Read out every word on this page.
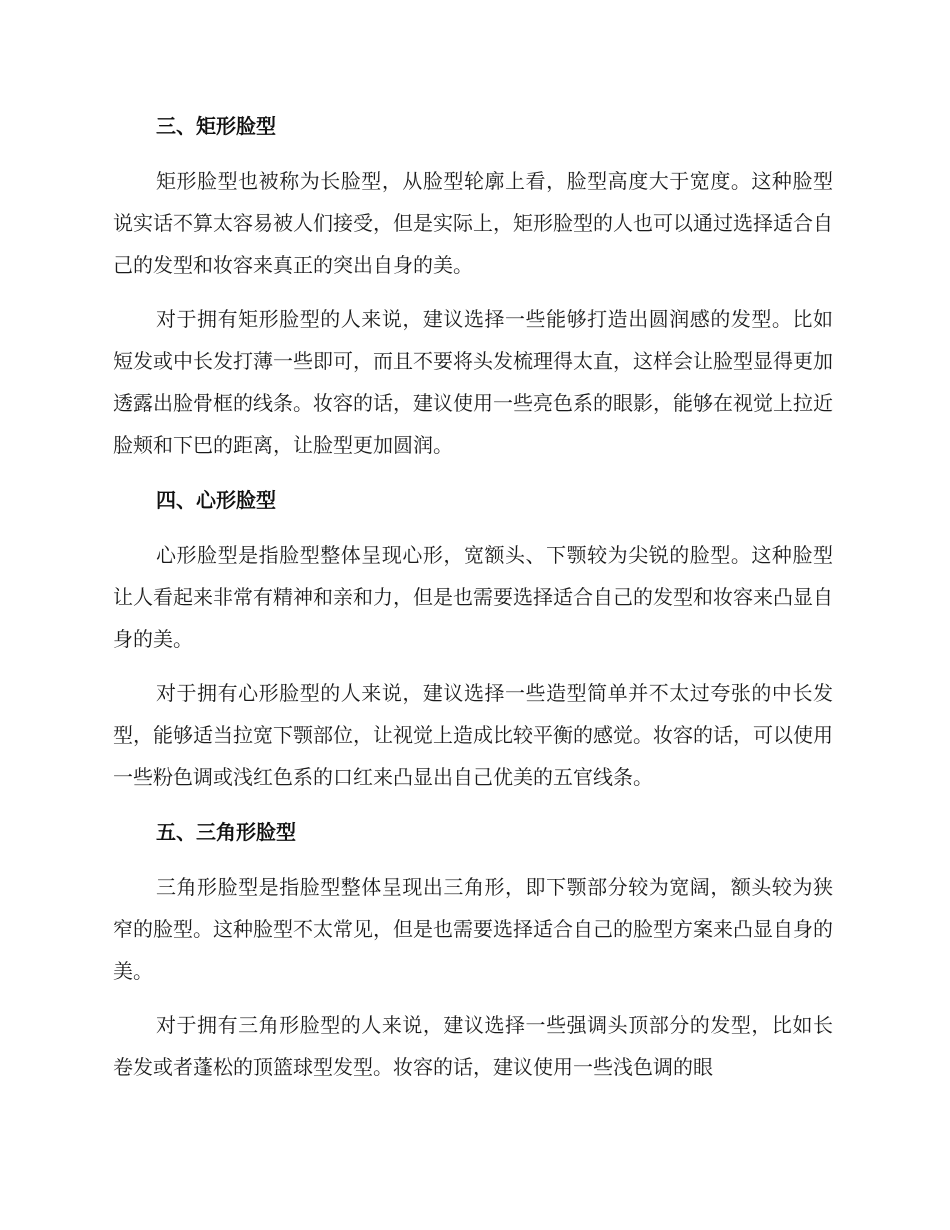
三、矩形脸型

矩形脸型也被称为长脸型，从脸型轮廓上看，脸型高度大于宽度。这种脸型说实话不算太容易被人们接受，但是实际上，矩形脸型的人也可以通过选择适合自己的发型和妆容来真正的突出自身的美。

对于拥有矩形脸型的人来说，建议选择一些能够打造出圆润感的发型。比如短发或中长发打薄一些即可，而且不要将头发梳理得太直，这样会让脸型显得更加透露出脸骨框的线条。妆容的话，建议使用一些亮色系的眼影，能够在视觉上拉近脸颊和下巴的距离，让脸型更加圆润。

四、心形脸型

心形脸型是指脸型整体呈现心形，宽额头、下颚较为尖锐的脸型。这种脸型让人看起来非常有精神和亲和力，但是也需要选择适合自己的发型和妆容来凸显自身的美。

对于拥有心形脸型的人来说，建议选择一些造型简单并不太过夸张的中长发型，能够适当拉宽下颚部位，让视觉上造成比较平衡的感觉。妆容的话，可以使用一些粉色调或浅红色系的口红来凸显出自己优美的五官线条。

五、三角形脸型

三角形脸型是指脸型整体呈现出三角形，即下颚部分较为宽阔，额头较为狭窄的脸型。这种脸型不太常见，但是也需要选择适合自己的脸型方案来凸显自身的美。

对于拥有三角形脸型的人来说，建议选择一些强调头顶部分的发型，比如长卷发或者蓬松的顶篮球型发型。妆容的话，建议使用一些浅色调的眼
